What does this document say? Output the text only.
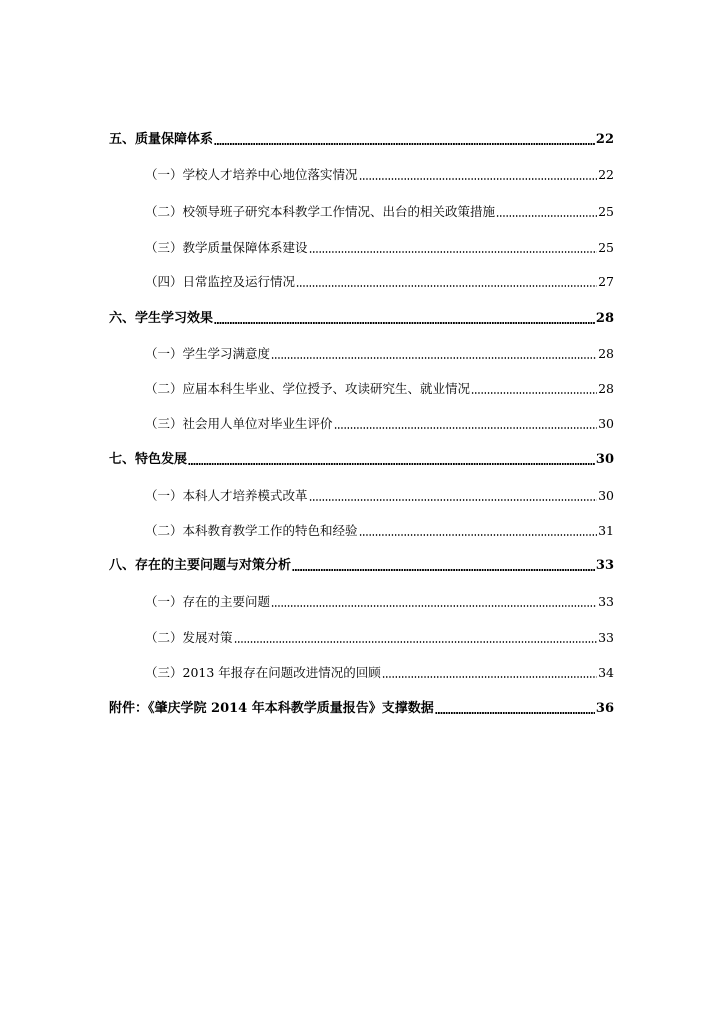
五、质量保障体系	22
（一）学校人才培养中心地位落实情况	22
（二）校领导班子研究本科教学工作情况、出台的相关政策措施	25
（三）教学质量保障体系建设	25
（四）日常监控及运行情况	27
六、学生学习效果	28
（一）学生学习满意度	28
（二）应届本科生毕业、学位授予、攻读研究生、就业情况	28
（三）社会用人单位对毕业生评价	30
七、特色发展	30
（一）本科人才培养模式改革	30
（二）本科教育教学工作的特色和经验	31
八、存在的主要问题与对策分析	33
（一）存在的主要问题	33
（二）发展对策	33
（三）2013 年报存在问题改进情况的回顾	34
附件：《肇庆学院 2014 年本科教学质量报告》支撑数据	36
